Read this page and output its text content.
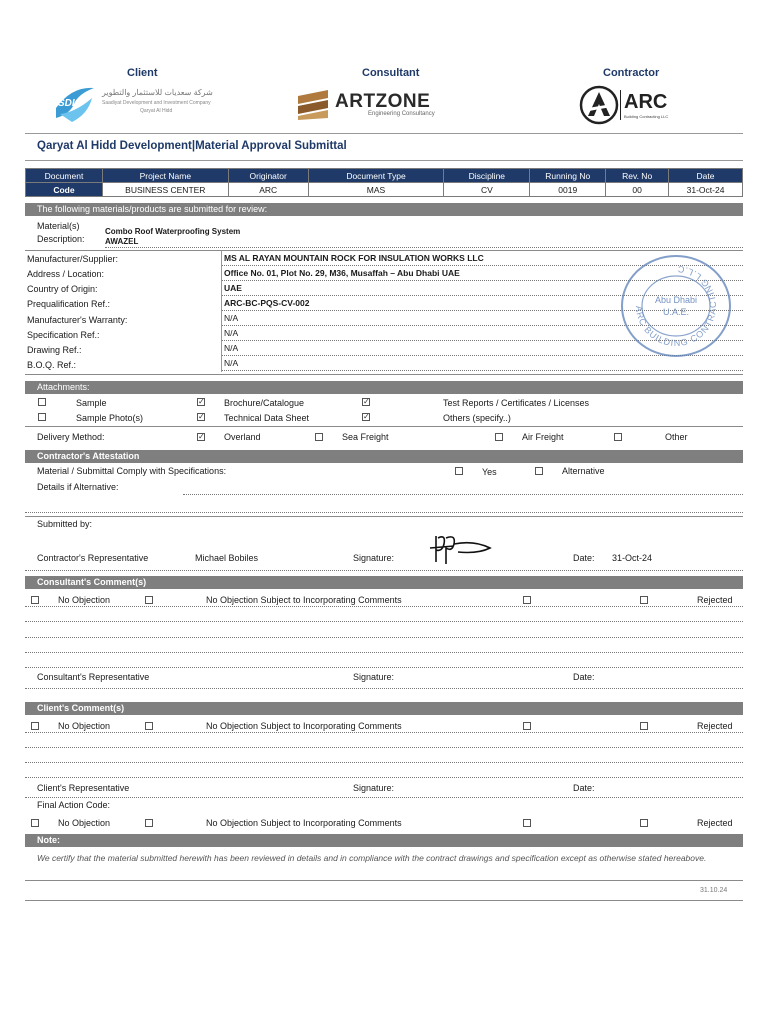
Client	Consultant	Contractor
SDIC
شركة سعديات للاستثمار والتطوير
Saadiyat Development and Investment Company
Qaryat Al Hidd	ARTZONE
Engineering Consultancy
ARC
Building Contracting LLC
Qaryat Al Hidd Development|Material Approval Submittal
Document	Project Name	Originator	Document Type	Discipline	Running No	Rev. No	Date
Code	BUSINESS CENTER	ARC	MAS	CV	0019	00	31-Oct-24
The following materials/products are submitted for review:
Material(s)
Description:
Combo Roof Waterproofing System
AWAZEL
Manufacturer/Supplier:	MS AL RAYAN MOUNTAIN ROCK FOR INSULATION WORKS LLC
Address / Location:	Office No. 01, Plot No. 29, M36, Musaffah – Abu Dhabi UAE
Country of Origin:	UAE
Prequalification Ref.:	ARC-BC-PQS-CV-002
Manufacturer's Warranty:	N/A
Specification Ref.:	N/A
Drawing Ref.:	N/A
B.O.Q. Ref.:	N/A
ARC BUILDING CONTRACTING L.L.C
Abu Dhabi
U.A.E.
Attachments:
Sample	✓ Brochure/Catalogue	✓	Test Reports / Certificates / Licenses
Sample Photo(s)	✓ Technical Data Sheet	✓	Others (specify..)
Delivery Method:	✓ Overland	Sea Freight	Air Freight	Other
Contractor's Attestation
Material / Submittal Comply with Specifications:	Yes	Alternative
Details if Alternative:
Submitted by:
Contractor's Representative	Michael Bobiles	Signature:	Date: 31-Oct-24
Consultant's Comment(s)
No Objection	No Objection Subject to Incorporating Comments	Rejected
Consultant's Representative	Signature:	Date:
Client's Comment(s)
No Objection	No Objection Subject to Incorporating Comments	Rejected
Client's Representative	Signature:	Date:
Final Action Code:
No Objection	No Objection Subject to Incorporating Comments	Rejected
Note:
We certify that the material submitted herewith has been reviewed in details and in compliance with the contract drawings and specification except as otherwise stated hereabove.
31.10.24
